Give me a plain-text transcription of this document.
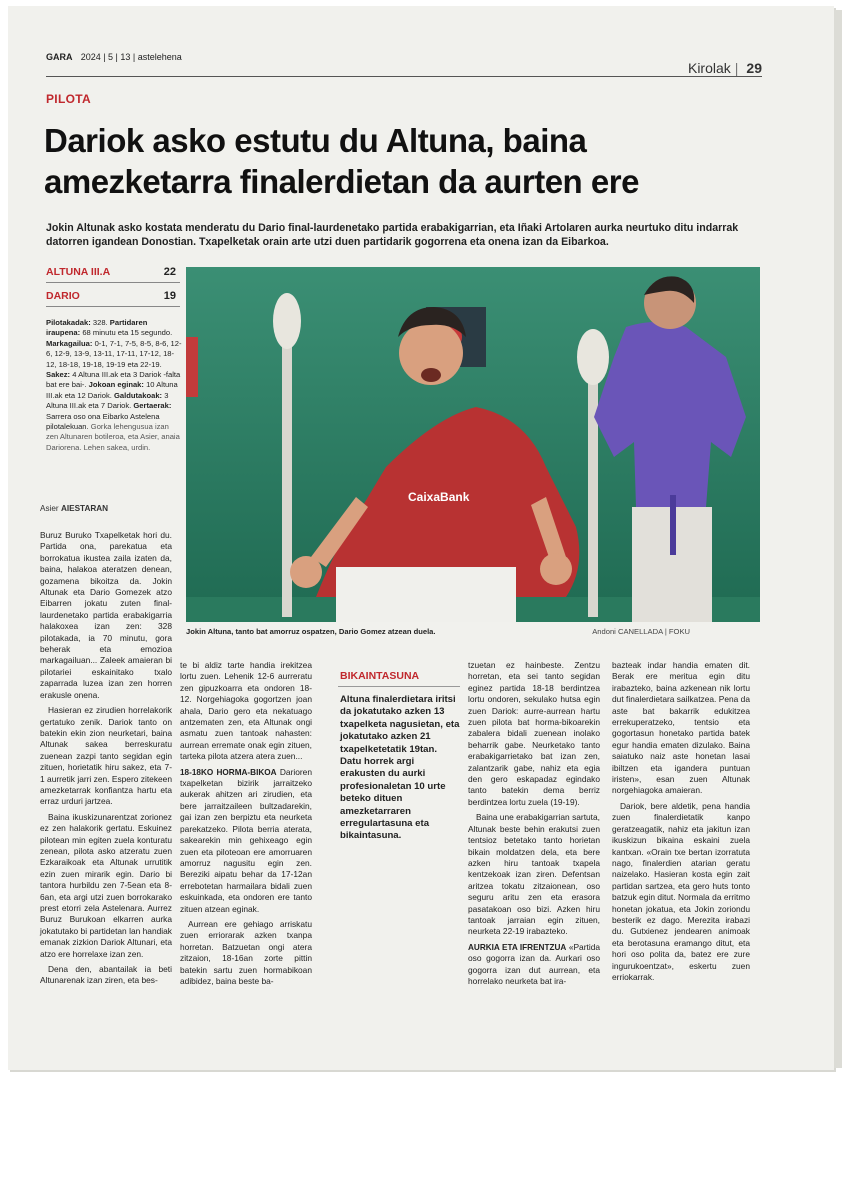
GARA 2024 | 5 | 13 | astelehena
Kirolak | 29
PILOTA
Dariok asko estutu du Altuna, baina amezketarra finalerdietan da aurten ere
Jokin Altunak asko kostata menderatu du Dario final-laurdenetako partida erabakigarrian, eta Iñaki Artolaren aurka neurtuko ditu indarrak datorren igandean Donostian. Txapelketak orain arte utzi duen partidarik gogorrena eta onena izan da Eibarkoa.
ALTUNA III.A	22
DARIO	19
Pilotakadak: 328. Partidaren iraupena: 68 minutu eta 15 segundo. Markagailua: 0-1, 7-1, 7-5, 8-5, 8-6, 12-6, 12-9, 13-9, 13-11, 17-11, 17-12, 18-12, 18-18, 19-18, 19-19 eta 22-19. Sakez: 4 Altuna III.ak eta 3 Dariok -falta bat ere bai-. Jokoan eginak: 10 Altuna III.ak eta 12 Dariok. Galdutakoak: 3 Altuna III.ak eta 7 Dariok. Gertaerak: Sarrera oso ona Eibarko Astelena pilotalekuan. Gorka lehengusua izan zen Altunaren botileroa, eta Asier, anaia Dariorena. Lehen sakea, urdin.
Asier AIESTARAN
CaixaBank
Jokin Altuna, tanto bat amorruz ospatzen, Dario Gomez atzean duela.	Andoni CANELLADA | FOKU

Buruz Buruko Txapelketak hori du. Partida ona, parekatua eta borrokatua ikustea zaila izaten da, baina, halakoa ateratzen denean, gozamena bikoitza da. Jokin Altunak eta Dario Gomezek atzo Eibarren jokatu zuten final-laurdenetako partida erabakigarria halakoxea izan zen: 328 pilotakada, ia 70 minutu, gora beherak eta emozioa markagailuan... Zaleek amaieran bi pilotariei eskainitako txalo zaparrada luzea izan zen horren erakusle onena.

Hasieran ez zirudien horrelakorik gertatuko zenik. Dariok tanto on batekin ekin zion neurketari, baina Altunak sakea berreskuratu zuenean zazpi tanto segidan egin zituen, horietatik hiru sakez, eta 7-1 aurretik jarri zen. Espero zitekeen amezketarrak konfiantza hartu eta erraz urduri jartzea.

Baina ikuskizunarentzat zorionez ez zen halakorik gertatu. Eskuinez pilotean min egiten zuela konturatu zenean, pilota asko atzeratu zuen Ezkaraikoak eta Altunak urrutitik ezin zuen mirarik egin. Dario bi tantora hurbildu zen 7-5ean eta 8-6an, eta argi utzi zuen borrokarako prest etorri zela Astelenara. Aurrez Buruz Burukoan elkarren aurka jokatutako bi partidetan lan handiak emanak zizkion Dariok Altunari, eta atzo ere horrelaxe izan zen.

Dena den, abantailak ia beti Altunarenak izan ziren, eta bes-

te bi aldiz tarte handia irekitzea lortu zuen. Lehenik 12-6 aurreratu zen gipuzkoarra eta ondoren 18-12. Norgehiagoka gogortzen joan ahala, Dario gero eta nekatuago antzematen zen, eta Altunak ongi asmatu zuen tantoak nahasten: aurrean erremate onak egin zituen, tarteka pilota atzera atera zuen...

18-18KO HORMA-BIKOA Darioren txapelketan bizirik jarraitzeko aukerak ahitzen ari zirudien, eta bere jarraitzaileen bultzadarekin, gai izan zen berpiztu eta neurketa parekatzeko. Pilota berria aterata, sakearekin min gehixeago egin zuen eta piloteoan ere amorruaren amorruz nagusitu egin zen. Bereziki aipatu behar da 17-12an errebotetan harmailara bidali zuen eskuinkada, eta ondoren ere tanto zituen atzean eginak.

Aurrean ere gehiago arriskatu zuen erriorarak azken txanpa horretan. Batzuetan ongi atera zitzaion, 18-16an zorte pittin batekin sartu zuen hormabikoan adibidez, baina beste ba-

BIKAINTASUNA
Altuna finalerdietara iritsi da jokatutako azken 13 txapelketa nagusietan, eta jokatutako azken 21 txapelketetatik 19tan. Datu horrek argi erakusten du aurki profesionaletan 10 urte beteko dituen amezketarraren erregulartasuna eta bikaintasuna.

tzuetan ez hainbeste. Zentzu horretan, eta sei tanto segidan eginez partida 18-18 berdintzea lortu ondoren, sekulako hutsa egin zuen Dariok: aurre-aurrean hartu zuen pilota bat horma-bikoarekin zabalera bidali zuenean inolako beharrik gabe. Neurketako tanto erabakigarrietako bat izan zen, zalantzarik gabe, nahiz eta egia den gero eskapadaz egindako tanto batekin dema berriz berdintzea lortu zuela (19-19).

Baina une erabakigarrian sartuta, Altunak beste behin erakutsi zuen tentsioz betetako tanto horietan bikain moldatzen dela, eta bere azken hiru tantoak txapela kentzekoak izan ziren. Defentsan aritzea tokatu zitzaionean, oso seguru aritu zen eta erasora pasatakoan oso bizi. Azken hiru tantoak jarraian egin zituen, neurketa 22-19 irabazteko.

AURKIA ETA IFRENTZUA «Partida oso gogorra izan da. Aurkari oso gogorra izan dut aurrean, eta horrelako neurketa bat ira-

bazteak indar handia ematen dit. Berak ere meritua egin ditu irabazteko, baina azkenean nik lortu dut finalerdietara sailkatzea. Pena da aste bat bakarrik edukitzea errekuperatzeko, tentsio eta gogortasun honetako partida batek egur handia ematen dizulako. Baina saiatuko naiz aste honetan lasai ibiltzen eta igandera puntuan iristen», esan zuen Altunak norgehiagoka amaieran.

Dariok, bere aldetik, pena handia zuen finalerdietatik kanpo geratzeagatik, nahiz eta jakitun izan ikuskizun bikaina eskaini zuela kantxan. «Orain txe bertan izorratuta nago, finalerdien atarian geratu naizelako. Hasieran kosta egin zait partidan sartzea, eta gero huts tonto batzuk egin ditut. Normala da erritmo honetan jokatua, eta Jokin zoriondu besterik ez dago. Merezita irabazi du. Gutxienez jendearen animoak eta berotasuna eramango ditut, eta hori oso polita da, batez ere zure ingurukoentzat», eskertu zuen erriokarrak.
